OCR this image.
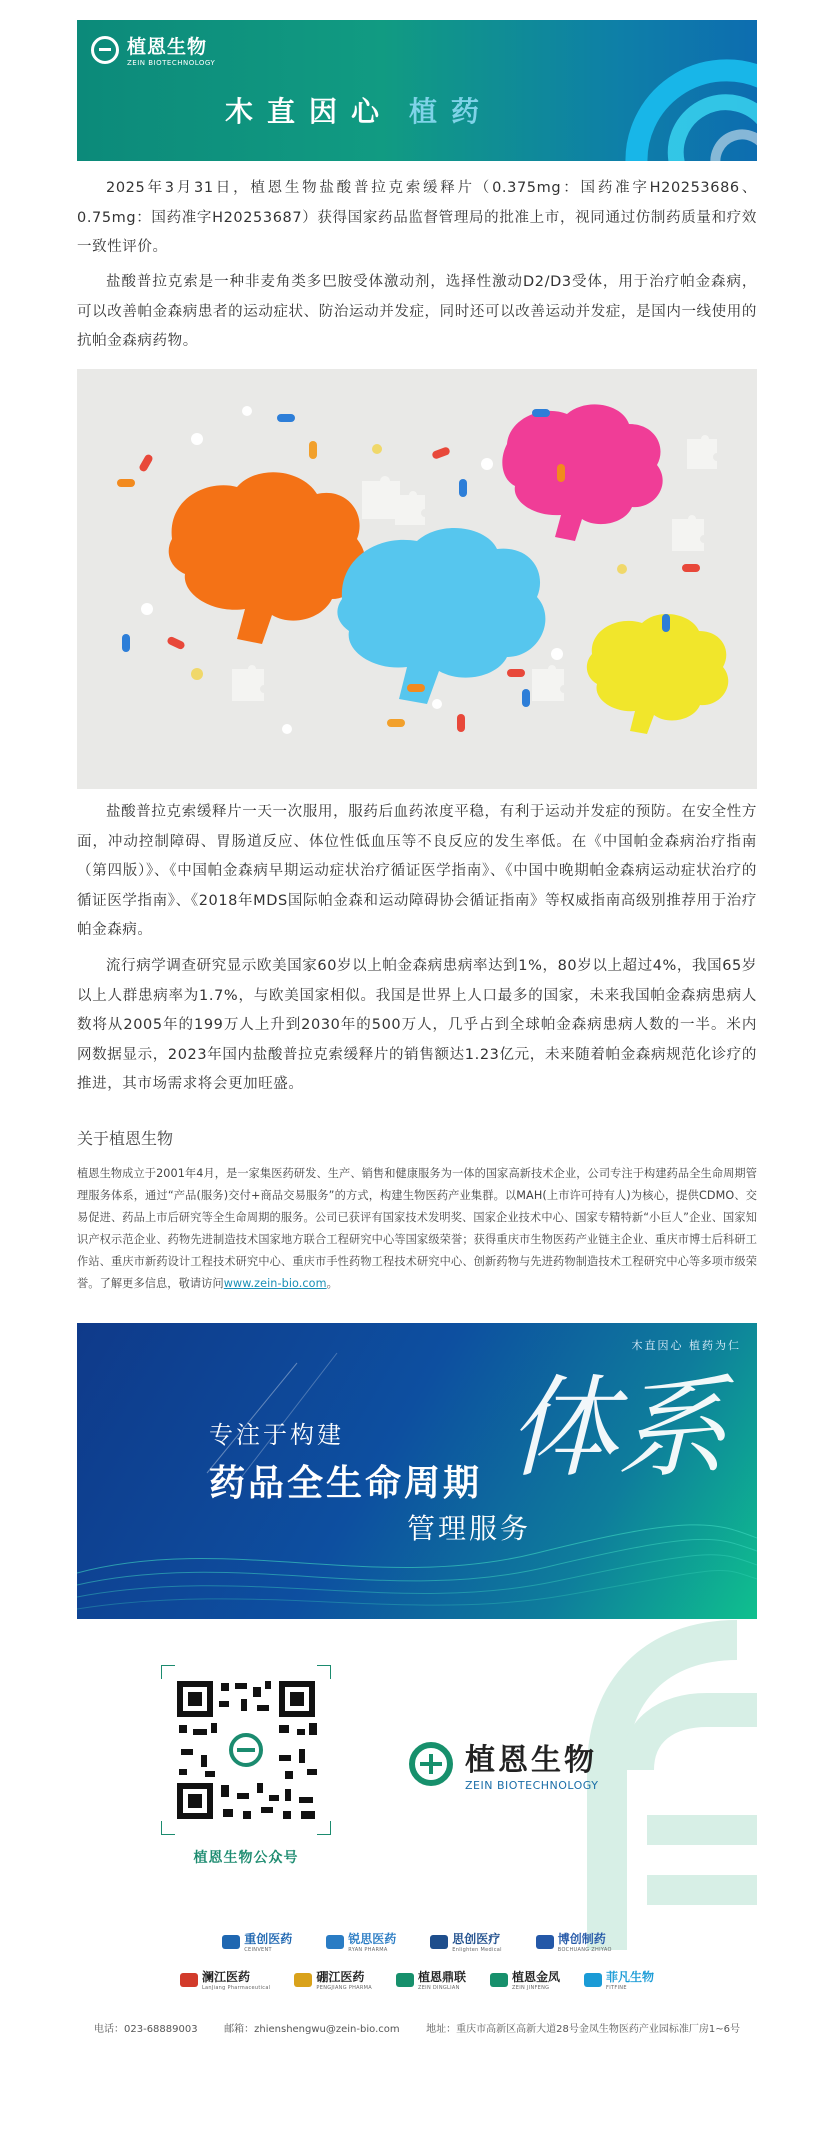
植恩生物
ZEIN BIOTECHNOLOGY
木直因心 植药

2025年3月31日，植恩生物盐酸普拉克索缓释片（0.375mg：国药准字H20253686、0.75mg：国药准字H20253687）获得国家药品监督管理局的批准上市，视同通过仿制药质量和疗效一致性评价。

盐酸普拉克索是一种非麦角类多巴胺受体激动剂，选择性激动D2/D3受体，用于治疗帕金森病，可以改善帕金森病患者的运动症状、防治运动并发症，同时还可以改善运动并发症，是国内一线使用的抗帕金森病药物。

盐酸普拉克索缓释片一天一次服用，服药后血药浓度平稳，有利于运动并发症的预防。在安全性方面，冲动控制障碍、胃肠道反应、体位性低血压等不良反应的发生率低。在《中国帕金森病治疗指南（第四版）》、《中国帕金森病早期运动症状治疗循证医学指南》、《中国中晚期帕金森病运动症状治疗的循证医学指南》、《2018年MDS国际帕金森和运动障碍协会循证指南》等权威指南高级别推荐用于治疗帕金森病。

流行病学调查研究显示欧美国家60岁以上帕金森病患病率达到1%，80岁以上超过4%，我国65岁以上人群患病率为1.7%，与欧美国家相似。我国是世界上人口最多的国家，未来我国帕金森病患病人数将从2005年的199万人上升到2030年的500万人，几乎占到全球帕金森病患病人数的一半。米内网数据显示，2023年国内盐酸普拉克索缓释片的销售额达1.23亿元，未来随着帕金森病规范化诊疗的推进，其市场需求将会更加旺盛。

关于植恩生物

植恩生物成立于2001年4月，是一家集医药研发、生产、销售和健康服务为一体的国家高新技术企业，公司专注于构建药品全生命周期管理服务体系，通过“产品(服务)交付+商品交易服务”的方式，构建生物医药产业集群。以MAH(上市许可持有人)为核心，提供CDMO、交易促进、药品上市后研究等全生命周期的服务。公司已获评有国家技术发明奖、国家企业技术中心、国家专精特新“小巨人”企业、国家知识产权示范企业、药物先进制造技术国家地方联合工程研究中心等国家级荣誉；获得重庆市生物医药产业链主企业、重庆市博士后科研工作站、重庆市新药设计工程技术研究中心、重庆市手性药物工程技术研究中心、创新药物与先进药物制造技术工程研究中心等多项市级荣誉。了解更多信息，敬请访问www.zein-bio.com。

木直因心 植药为仁
专注于构建
药品全生命周期
管理服务
体系
植恩生物公众号
植恩生物
ZEIN BIOTECHNOLOGY
重创医药
CEINVENT
锐思医药
RYAN PHARMA
思创医疗
Enlighten Medical
博创制药
BOCHUANG ZHIYAO
澜江医药
LanJiang Pharmaceutical
硼江医药
PENGJIANG PHARMA
植恩鼎联
ZEIN DINGLIAN
植恩金凤
ZEIN JINFENG
菲凡生物
FITFINE
电话：023-68889003	邮箱：zhienshengwu@zein-bio.com	地址：重庆市高新区高新大道28号金凤生物医药产业园标准厂房1~6号
